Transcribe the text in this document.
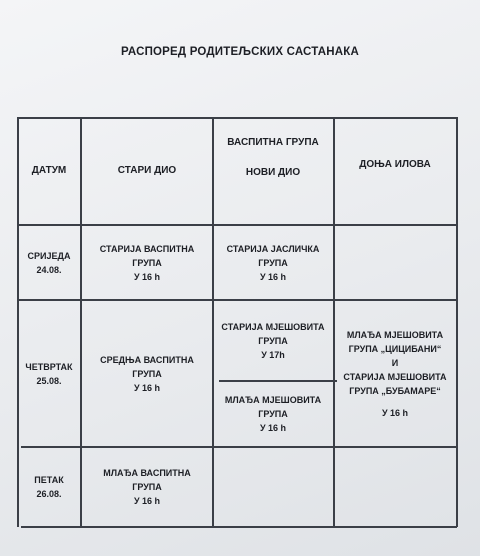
РАСПОРЕД РОДИТЕЉСКИХ САСТАНАКА
ДАТУМ	СТАРИ ДИО
ВАСПИТНА ГРУПА
НОВИ ДИО
ДОЊА ИЛОВА
СРИЈЕДА
24.08.
СТАРИЈА ВАСПИТНА
ГРУПА
У 16 h
СТАРИЈА ЈАСЛИЧКА
ГРУПА
У 16 h
ЧЕТВРТАК
25.08.
СРЕДЊА ВАСПИТНА
ГРУПА
У 16 h
СТАРИЈА МЈЕШОВИТА
ГРУПА
У 17h
МЛАЂА МЈЕШОВИТА
ГРУПА
У 16 h
МЛАЂА МЈЕШОВИТА
ГРУПА „ЦИЦИБАНИ“
И
СТАРИЈА МЈЕШОВИТА
ГРУПА „БУБАМАРЕ“
У 16 h
ПЕТАК
26.08.
МЛАЂА ВАСПИТНА
ГРУПА
У 16 h
